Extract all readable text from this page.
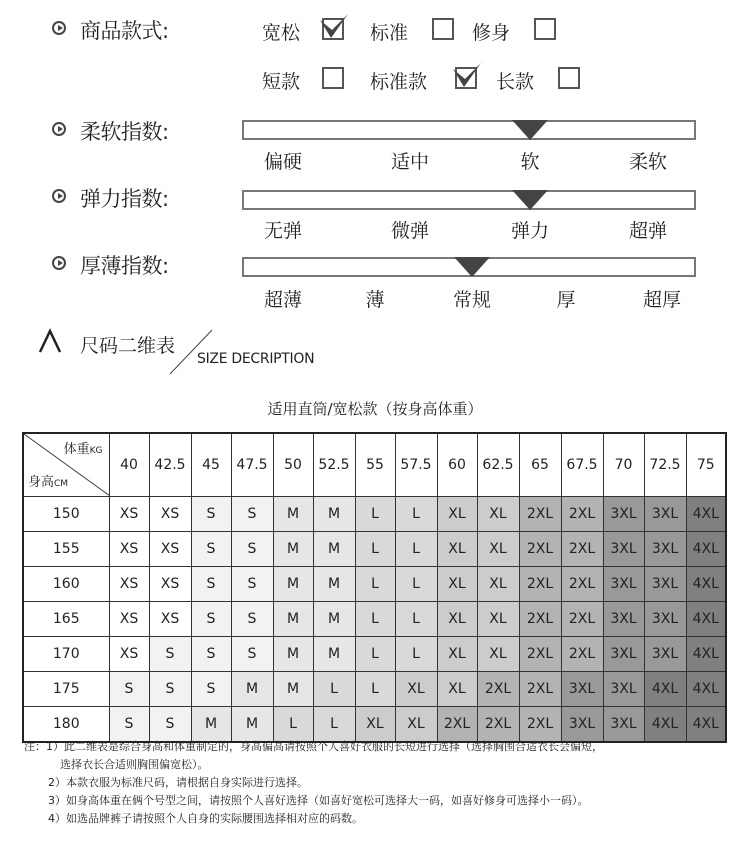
商品款式:	宽松	标准	修身
短款	标准款	长款
柔软指数:
偏硬	适中	软	柔软
弹力指数:
无弹	微弹	弹力	超弹
厚薄指数:
超薄	薄	常规	厚	超厚
尺码二维表
SIZE DECRIPTION
适用直筒/宽松款（按身高体重）
体重KG
身高CM	40	42.5	45	47.5	50	52.5	55	57.5	60	62.5	65	67.5	70	72.5	75
150	XS	XS	S	S	M	M	L	L	XL	XL	2XL	2XL	3XL	3XL	4XL
155	XS	XS	S	S	M	M	L	L	XL	XL	2XL	2XL	3XL	3XL	4XL
160	XS	XS	S	S	M	M	L	L	XL	XL	2XL	2XL	3XL	3XL	4XL
165	XS	XS	S	S	M	M	L	L	XL	XL	2XL	2XL	3XL	3XL	4XL
170	XS	S	S	S	M	M	L	L	XL	XL	2XL	2XL	3XL	3XL	4XL
175	S	S	S	M	M	L	L	XL	XL	2XL	2XL	3XL	3XL	4XL	4XL
180	S	S	M	M	L	L	XL	XL	2XL	2XL	2XL	3XL	3XL	4XL	4XL
注：1）此二维表是综合身高和体重制定的，身高偏高请按照个人喜好衣服的长短进行选择（选择胸围合适衣长会偏短，
选择衣长合适则胸围偏宽松）。
2）本款衣服为标准尺码，请根据自身实际进行选择。
3）如身高体重在俩个号型之间，请按照个人喜好选择（如喜好宽松可选择大一码，如喜好修身可选择小一码）。
4）如选品牌裤子请按照个人自身的实际腰围选择相对应的码数。
